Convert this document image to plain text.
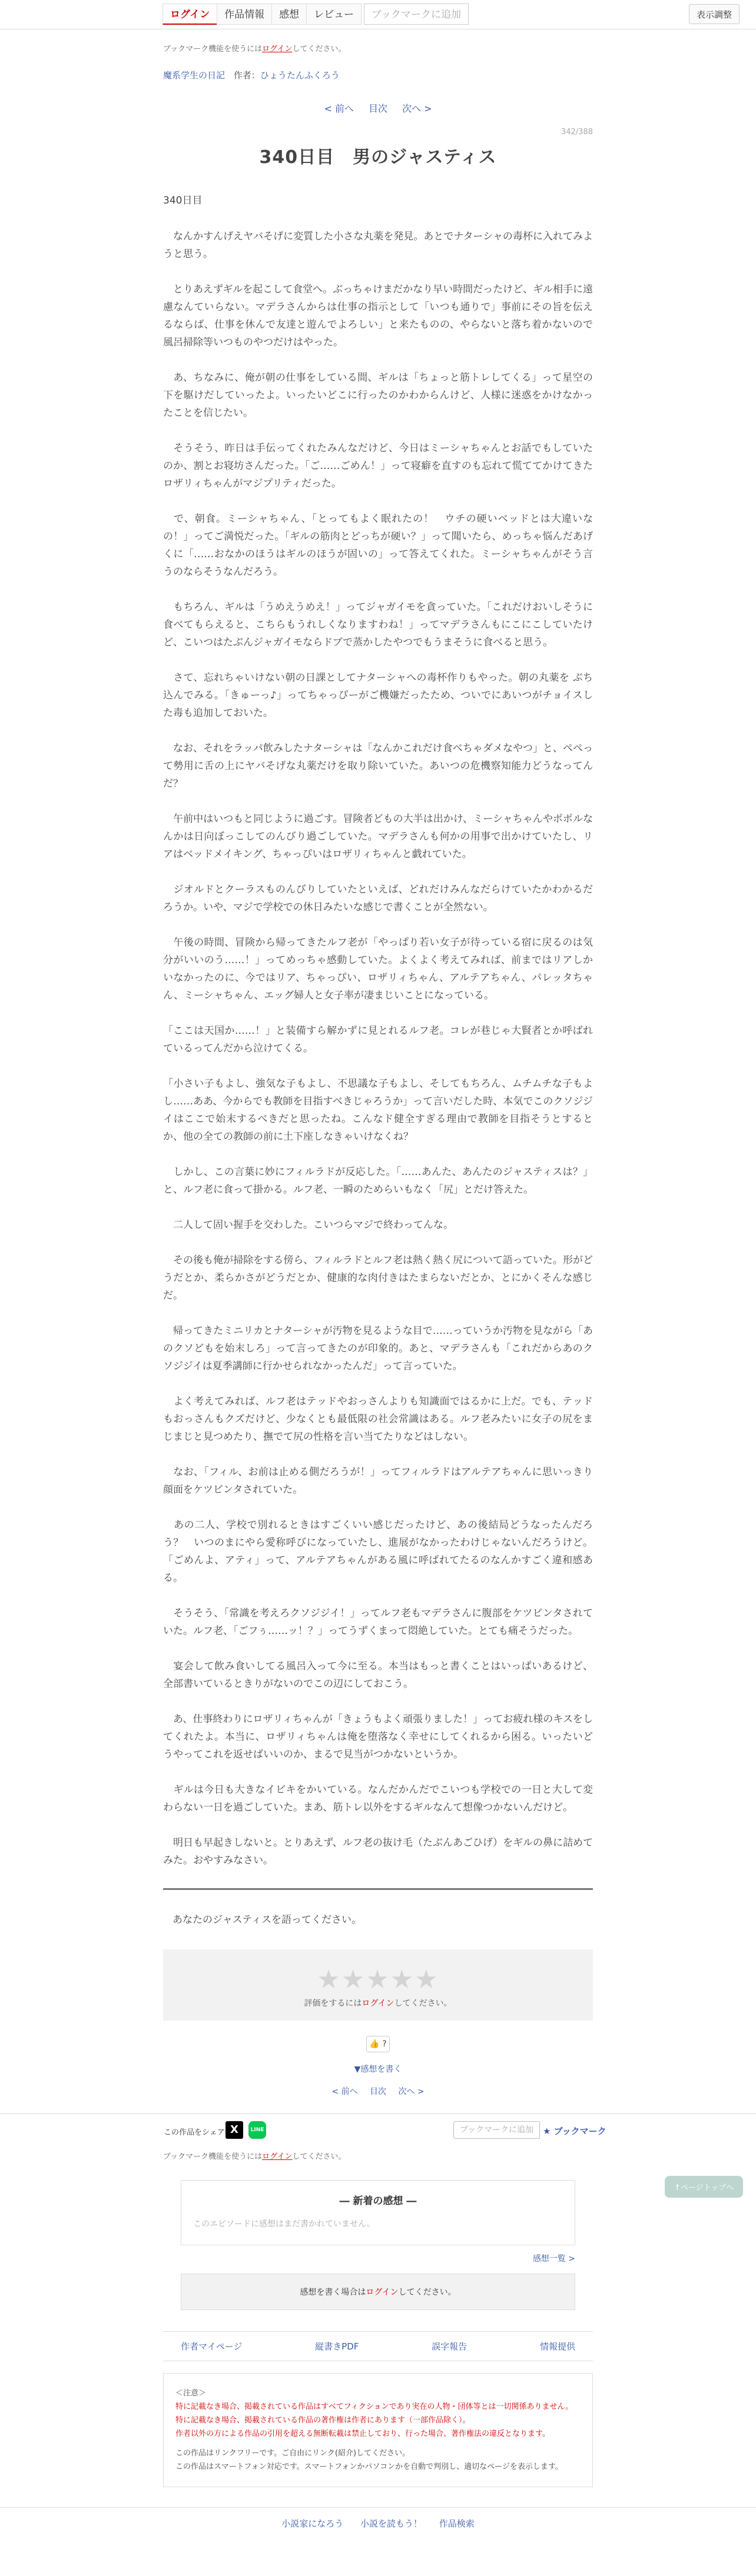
ログイン	作品情報	感想	レビュー	ブックマークに追加	表示調整
ブックマーク機能を使うにはログインしてください。
魔系学生の日記 作者：ひょうたんふくろう
< 前へ 目次 次へ >
342/388
340日目　男のジャスティス
340日目

　なんかすんげえヤバそげに変質した小さな丸薬を発見。あとでナターシャの毒杯に入れてみようと思う。

　とりあえずギルを起こして食堂へ。ぶっちゃけまだかなり早い時間だったけど、ギル相手に遠慮なんていらない。マデラさんからは仕事の指示として「いつも通りで」事前にその旨を伝えるならば、仕事を休んで友達と遊んでよろしい」と来たものの、やらないと落ち着かないので風呂掃除等いつものやつだけはやった。

　あ、ちなみに、俺が朝の仕事をしている間、ギルは「ちょっと筋トレしてくる」って星空の下を駆けだしていったよ。いったいどこに行ったのかわからんけど、人様に迷惑をかけなかったことを信じたい。

　そうそう、昨日は手伝ってくれたみんなだけど、今日はミーシャちゃんとお話でもしていたのか、割とお寝坊さんだった。「ご……ごめん！」って寝癖を直すのも忘れて慌ててかけてきたロザリィちゃんがマジプリティだった。

　で、朝食。ミーシャちゃん、「とってもよく眠れたの！　ウチの硬いベッドとは大違いなの！」ってご満悦だった。「ギルの筋肉とどっちが硬い？」って聞いたら、めっちゃ悩んだあげくに「……おなかのほうはギルのほうが固いの」って答えてくれた。ミーシャちゃんがそう言うのならそうなんだろう。

　もちろん、ギルは「うめえうめえ！」ってジャガイモを貪っていた。「これだけおいしそうに食べてもらえると、こちらもうれしくなりますわね！」ってマデラさんもにこにこしていたけど、こいつはたぶんジャガイモならドブで蒸かしたやつでもうまそうに食べると思う。

　さて、忘れちゃいけない朝の日課としてナターシャへの毒杯作りもやった。朝の丸薬を ぶち込んでみる。「きゅーっ♪」ってちゃっぴーがご機嫌だったため、ついでにあいつがチョイスした毒も追加しておいた。

　なお、それをラッパ飲みしたナターシャは「なんかこれだけ食べちゃダメなやつ」と、ぺぺって勢用に舌の上にヤバそげな丸薬だけを取り除いていた。あいつの危機察知能力どうなってんだ？

　午前中はいつもと同じように過ごす。冒険者どもの大半は出かけ、ミーシャちゃんやポポルなんかは日向ぼっこしてのんびり過ごしていた。マデラさんも何かの用事で出かけていたし、リアはベッドメイキング、ちゃっぴいはロザリィちゃんと戯れていた。

　ジオルドとクーラスものんびりしていたといえば、どれだけみんなだらけていたかわかるだろうか。いや、マジで学校での休日みたいな感じで書くことが全然ない。

　午後の時間、冒険から帰ってきたルフ老が「やっぱり若い女子が待っている宿に戻るのは気分がいいのう……！」ってめっちゃ感動していた。よくよく考えてみれば、前まではリアしかいなかったのに、今ではリア、ちゃっぴい、ロザリィちゃん、アルテアちゃん、パレッタちゃん、ミーシャちゃん、エッグ婦人と女子率が凄まじいことになっている。

「ここは天国か……！」と装備すら解かずに見とれるルフ老。コレが巷じゃ大賢者とか呼ばれているってんだから泣けてくる。

「小さい子もよし、強気な子もよし、不思議な子もよし、そしてもちろん、ムチムチな子もよし……ああ、今からでも教師を目指すべきじゃろうか」って言いだした時、本気でこのクソジジイはここで始末するべきだと思ったね。こんなド健全すぎる理由で教師を目指そうとするとか、他の全ての教師の前に土下座しなきゃいけなくね？

　しかし、この言葉に妙にフィルラドが反応した。「……あんた、あんたのジャスティスは？」と、ルフ老に食って掛かる。ルフ老、一瞬のためらいもなく「尻」とだけ答えた。

　二人して固い握手を交わした。こいつらマジで終わってんな。

　その後も俺が掃除をする傍ら、フィルラドとルフ老は熱く熱く尻について語っていた。形がどうだとか、柔らかさがどうだとか、健康的な肉付きはたまらないだとか、とにかくそんな感じだ。

　帰ってきたミニリカとナターシャが汚物を見るような目で……っていうか汚物を見ながら「あのクソどもを始末しろ」って言ってきたのが印象的。あと、マデラさんも「これだからあのクソジジイは夏季講師に行かせられなかったんだ」って言っていた。

　よく考えてみれば、ルフ老はテッドやおっさんよりも知識面ではるかに上だ。でも、テッドもおっさんもクズだけど、少なくとも最低限の社会常識はある。ルフ老みたいに女子の尻をまじまじと見つめたり、撫でて尻の性格を言い当てたりなどはしない。

　なお、「フィル、お前は止める側だろうが！」ってフィルラドはアルテアちゃんに思いっきり顔面をケツビンタされていた。

　あの二人、学校で別れるときはすごくいい感じだったけど、あの後結局どうなったんだろう？　いつのまにやら愛称呼びになっていたし、進展がなかったわけじゃないんだろうけど。「ごめんよ、アティ」って、アルテアちゃんがある風に呼ばれてたるのなんかすごく違和感ある。

　そうそう、「常識を考えろクソジジイ！」ってルフ老もマデラさんに腹部をケツビンタされていた。ルフ老、「ごフぅ……ッ！？」ってうずくまって悶絶していた。とても痛そうだった。

　宴会して飲み食いしてる風呂入って今に至る。本当はもっと書くことはいっぱいあるけど、全部書いているときりがないのでこの辺にしておこう。

　あ、仕事終わりにロザリィちゃんが「きょうもよく頑張りました！」ってお疲れ様のキスをしてくれたよ。本当に、ロザリィちゃんは俺を堕落なく幸せにしてくれるから困る。いったいどうやってこれを返せばいいのか、まるで見当がつかないというか。

　ギルは今日も大きなイビキをかいている。なんだかんだでこいつも学校での一日と大して変わらない一日を過ごしていた。まあ、筋トレ以外をするギルなんて想像つかないんだけど。

　明日も早起きしないと。とりあえず、ルフ老の抜け毛（たぶんあごひげ）をギルの鼻に詰めてみた。おやすみなさい。

あなたのジャスティスを語ってください。
★★★★★
評価をするにはログインしてください。
👍 ?
▼感想を書く
< 前へ 目次 次へ >
この作品をシェア X	LINE	ブックマークに追加	★ ブックマーク
↑ページトップへ
ブックマーク機能を使うにはログインしてください。
― 新着の感想 ―
このエピソードに感想はまだ書かれていません。
感想一覧 >
感想を書く場合はログインしてください。
作者マイページ	縦書きPDF	誤字報告	情報提供
＜注意＞
特に記載なき場合、掲載されている作品はすべてフィクションであり実在の人物・団体等とは一切関係ありません。
特に記載なき場合、掲載されている作品の著作権は作者にあります（一部作品除く）。
作者以外の方による作品の引用を超える無断転載は禁止しており、行った場合、著作権法の違反となります。
この作品はリンクフリーです。ご自由にリンク(紹介)してください。
この作品はスマートフォン対応です。スマートフォンかパソコンかを自動で判別し、適切なページを表示します。
小説家になろう 小説を読もう！ 作品検索
